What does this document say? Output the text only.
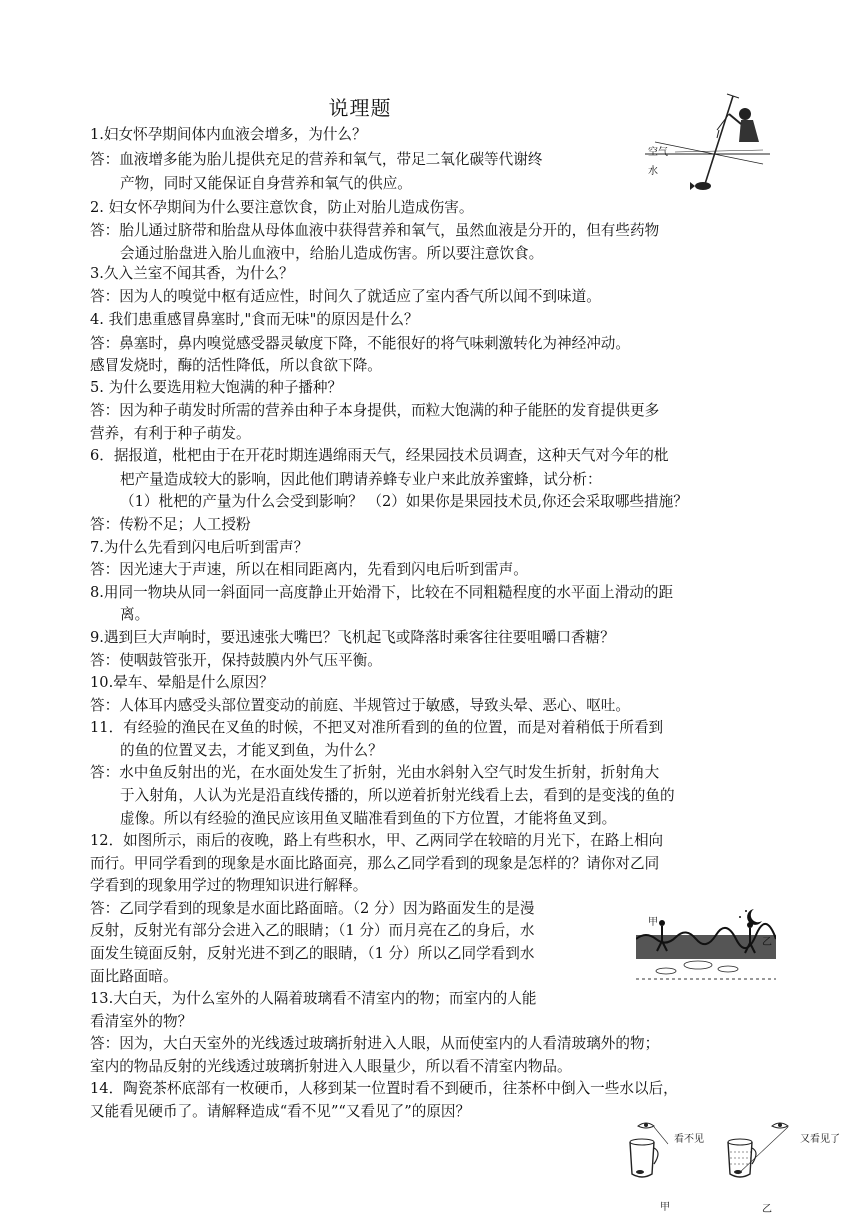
说理题
1.妇女怀孕期间体内血液会增多，为什么？
答：血液增多能为胎儿提供充足的营养和氧气，带足二氧化碳等代谢终
产物，同时又能保证自身营养和氧气的供应。
2. 妇女怀孕期间为什么要注意饮食，防止对胎儿造成伤害。
答：胎儿通过脐带和胎盘从母体血液中获得营养和氧气，虽然血液是分开的，但有些药物
会通过胎盘进入胎儿血液中，给胎儿造成伤害。所以要注意饮食。
3.久入兰室不闻其香，为什么？
答：因为人的嗅觉中枢有适应性，时间久了就适应了室内香气所以闻不到味道。
4. 我们患重感冒鼻塞时,"食而无味"的原因是什么？
答：鼻塞时，鼻内嗅觉感受器灵敏度下降，不能很好的将气味刺激转化为神经冲动。
感冒发烧时，酶的活性降低，所以食欲下降。
5. 为什么要选用粒大饱满的种子播种？
答：因为种子萌发时所需的营养由种子本身提供，而粒大饱满的种子能胚的发育提供更多
营养，有利于种子萌发。
6．据报道，枇杷由于在开花时期连遇绵雨天气，经果园技术员调查，这种天气对今年的枇
杷产量造成较大的影响，因此他们聘请养蜂专业户来此放养蜜蜂，试分析：
（1）枇杷的产量为什么会受到影响？ （2）如果你是果园技术员,你还会采取哪些措施？
答：传粉不足；人工授粉
7.为什么先看到闪电后听到雷声？
答：因光速大于声速，所以在相同距离内，先看到闪电后听到雷声。
8.用同一物块从同一斜面同一高度静止开始滑下，比较在不同粗糙程度的水平面上滑动的距
离。
9.遇到巨大声响时，要迅速张大嘴巴？飞机起飞或降落时乘客往往要咀嚼口香糖？
答：使咽鼓管张开，保持鼓膜内外气压平衡。
10.晕车、晕船是什么原因？
答：人体耳内感受头部位置变动的前庭、半规管过于敏感，导致头晕、恶心、呕吐。
11．有经验的渔民在叉鱼的时候，不把叉对准所看到的鱼的位置，而是对着稍低于所看到
的鱼的位置叉去，才能叉到鱼，为什么？
答：水中鱼反射出的光，在水面处发生了折射，光由水斜射入空气时发生折射，折射角大
于入射角，人认为光是沿直线传播的，所以逆着折射光线看上去，看到的是变浅的鱼的
虚像。所以有经验的渔民应该用鱼叉瞄准看到鱼的下方位置，才能将鱼叉到。
12．如图所示，雨后的夜晚，路上有些积水，甲、乙两同学在较暗的月光下，在路上相向
而行。甲同学看到的现象是水面比路面亮，那么乙同学看到的现象是怎样的？请你对乙同
学看到的现象用学过的物理知识进行解释。
答：乙同学看到的现象是水面比路面暗。（2 分）因为路面发生的是漫
反射，反射光有部分会进入乙的眼睛；（1 分）而月亮在乙的身后，水
面发生镜面反射，反射光进不到乙的眼睛，（1 分）所以乙同学看到水
面比路面暗。
13.大白天，为什么室外的人隔着玻璃看不清室内的物；而室内的人能
看清室外的物？
答：因为，大白天室外的光线透过玻璃折射进入人眼，从而使室内的人看清玻璃外的物；
室内的物品反射的光线透过玻璃折射进入人眼量少，所以看不清室内物品。
14．陶瓷茶杯底部有一枚硬币，人移到某一位置时看不到硬币，往茶杯中倒入一些水以后，
又能看见硬币了。请解释造成“看不见”“又看见了”的原因？
空气
水
甲
乙
看不见	又看见了
甲	乙
